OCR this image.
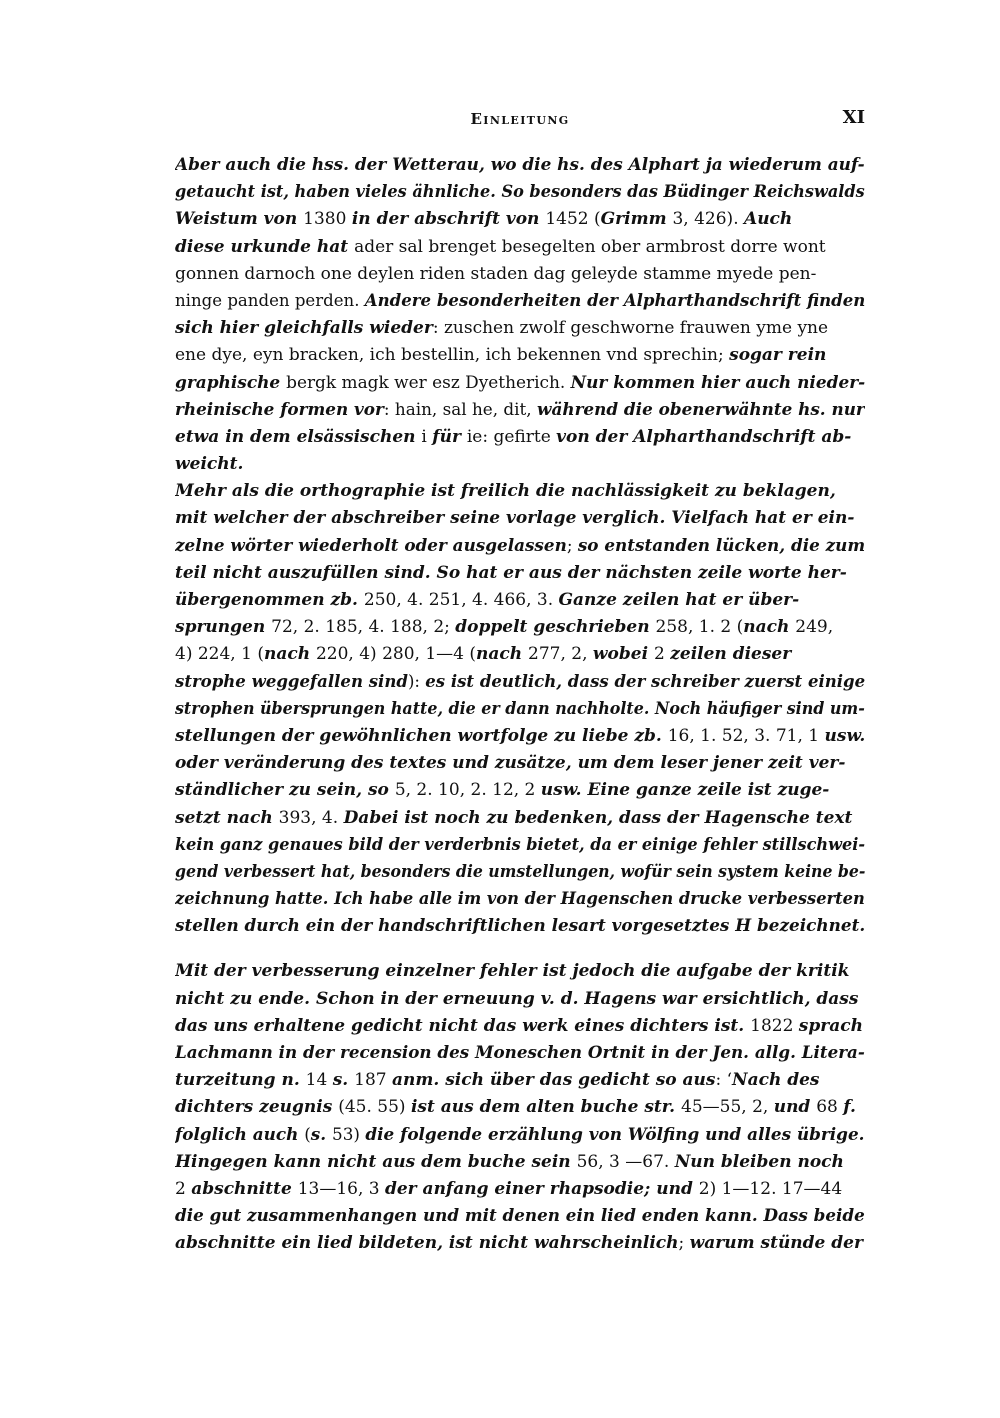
Einleitung	XI
Aber auch die hss. der Wetterau, wo die hs. des Alphart ja wiederum auf-
getaucht ist, haben vieles ähnliche. So besonders das Büdinger Reichswalds
Weistum von 1380 in der abschrift von 1452 (Grimm 3, 426). Auch
diese urkunde hat ader sal brenget besegelten ober armbrost dorre wont
gonnen darnoch one deylen riden staden dag geleyde stamme myede pen-
ninge panden perden. Andere besonderheiten der Alpharthandschrift finden
sich hier gleichfalls wieder: zuschen zwolf geschworne frauwen yme yne
ene dye, eyn bracken, ich bestellin, ich bekennen vnd sprechin; sogar rein
graphische bergk magk wer esz Dyetherich. Nur kommen hier auch nieder-
rheinische formen vor: hain, sal he, dit, während die obenerwähnte hs. nur
etwa in dem elsässischen i für ie: gefirte von der Alpharthandschrift ab-
weicht.
Mehr als die orthographie ist freilich die nachlässigkeit zu beklagen,
mit welcher der abschreiber seine vorlage verglich. Vielfach hat er ein-
zelne wörter wiederholt oder ausgelassen; so entstanden lücken, die zum
teil nicht auszufüllen sind. So hat er aus der nächsten zeile worte her-
übergenommen zb. 250, 4. 251, 4. 466, 3. Ganze zeilen hat er über-
sprungen 72, 2. 185, 4. 188, 2; doppelt geschrieben 258, 1. 2 (nach 249,
4) 224, 1 (nach 220, 4) 280, 1—4 (nach 277, 2, wobei 2 zeilen dieser
strophe weggefallen sind): es ist deutlich, dass der schreiber zuerst einige
strophen übersprungen hatte, die er dann nachholte. Noch häufiger sind um-
stellungen der gewöhnlichen wortfolge zu liebe zb. 16, 1. 52, 3. 71, 1 usw.
oder veränderung des textes und zusätze, um dem leser jener zeit ver-
ständlicher zu sein, so 5, 2. 10, 2. 12, 2 usw. Eine ganze zeile ist zuge-
setzt nach 393, 4. Dabei ist noch zu bedenken, dass der Hagensche text
kein ganz genaues bild der verderbnis bietet, da er einige fehler stillschwei-
gend verbessert hat, besonders die umstellungen, wofür sein system keine be-
zeichnung hatte. Ich habe alle im von der Hagenschen drucke verbesserten
stellen durch ein der handschriftlichen lesart vorgesetztes H bezeichnet.
Mit der verbesserung einzelner fehler ist jedoch die aufgabe der kritik
nicht zu ende. Schon in der erneuung v. d. Hagens war ersichtlich, dass
das uns erhaltene gedicht nicht das werk eines dichters ist. 1822 sprach
Lachmann in der recension des Moneschen Ortnit in der Jen. allg. Litera-
turzeitung n. 14 s. 187 anm. sich über das gedicht so aus: ‘Nach des
dichters zeugnis (45. 55) ist aus dem alten buche str. 45—55, 2, und 68 f.
folglich auch (s. 53) die folgende erzählung von Wölfing und alles übrige.
Hingegen kann nicht aus dem buche sein 56, 3 —67. Nun bleiben noch
2 abschnitte 13—16, 3 der anfang einer rhapsodie; und 2) 1—12. 17—44
die gut zusammenhangen und mit denen ein lied enden kann. Dass beide
abschnitte ein lied bildeten, ist nicht wahrscheinlich; warum stünde der
